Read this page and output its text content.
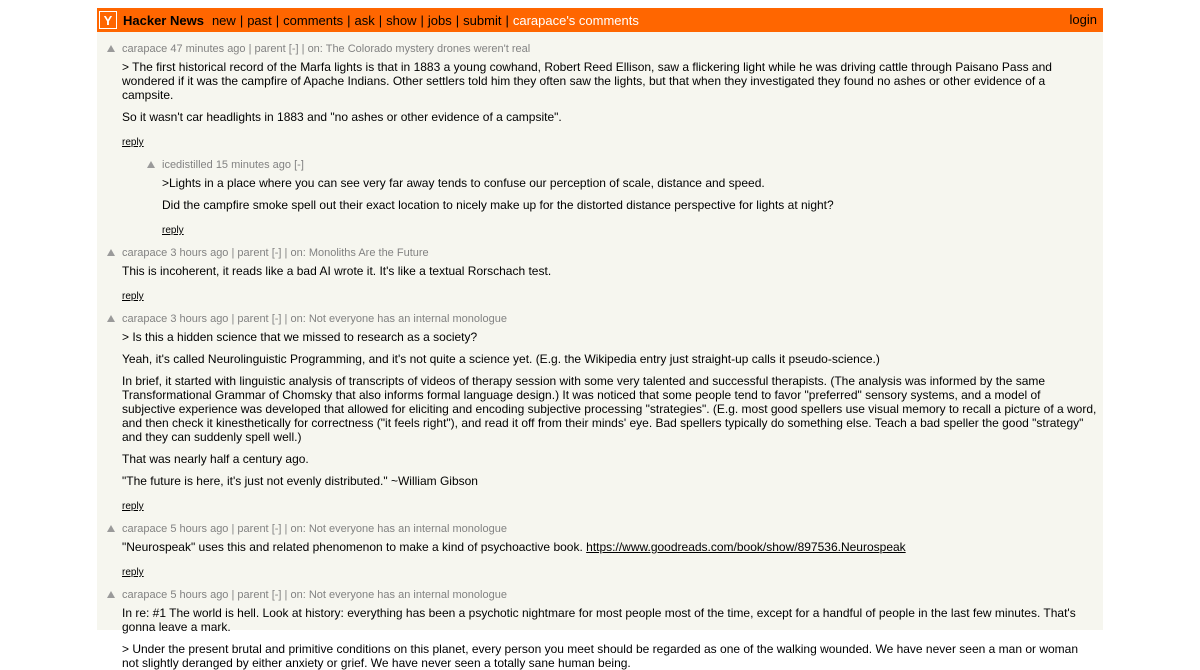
Y Hacker News new | past | comments | ask | show | jobs | submit | carapace's comments	login
carapace 47 minutes ago | parent [-] | on: The Colorado mystery drones weren't real

> The first historical record of the Marfa lights is that in 1883 a young cowhand, Robert Reed Ellison, saw a flickering light while he was driving cattle through Paisano Pass and wondered if it was the campfire of Apache Indians. Other settlers told him they often saw the lights, but that when they investigated they found no ashes or other evidence of a campsite.

So it wasn't car headlights in 1883 and "no ashes or other evidence of a campsite".

reply
icedistilled 15 minutes ago [-]

>Lights in a place where you can see very far away tends to confuse our perception of scale, distance and speed.

Did the campfire smoke spell out their exact location to nicely make up for the distorted distance perspective for lights at night?

reply
carapace 3 hours ago | parent [-] | on: Monoliths Are the Future

This is incoherent, it reads like a bad AI wrote it. It's like a textual Rorschach test.

reply
carapace 3 hours ago | parent [-] | on: Not everyone has an internal monologue

> Is this a hidden science that we missed to research as a society?

Yeah, it's called Neurolinguistic Programming, and it's not quite a science yet. (E.g. the Wikipedia entry just straight-up calls it pseudo-science.)

In brief, it started with linguistic analysis of transcripts of videos of therapy session with some very talented and successful therapists. (The analysis was informed by the same Transformational Grammar of Chomsky that also informs formal language design.) It was noticed that some people tend to favor "preferred" sensory systems, and a model of subjective experience was developed that allowed for eliciting and encoding subjective processing "strategies". (E.g. most good spellers use visual memory to recall a picture of a word, and then check it kinesthetically for correctness ("it feels right"), and read it off from their minds' eye. Bad spellers typically do something else. Teach a bad speller the good "strategy" and they can suddenly spell well.)

That was nearly half a century ago.

"The future is here, it's just not evenly distributed." ~William Gibson

reply
carapace 5 hours ago | parent [-] | on: Not everyone has an internal monologue

"Neurospeak" uses this and related phenomenon to make a kind of psychoactive book. https://www.goodreads.com/book/show/897536.Neurospeak

reply
carapace 5 hours ago | parent [-] | on: Not everyone has an internal monologue

In re: #1 The world is hell. Look at history: everything has been a psychotic nightmare for most people most of the time, except for a handful of people in the last few minutes. That's gonna leave a mark.

> Under the present brutal and primitive conditions on this planet, every person you meet should be regarded as one of the walking wounded. We have never seen a man or woman not slightly deranged by either anxiety or grief. We have never seen a totally sane human being.
